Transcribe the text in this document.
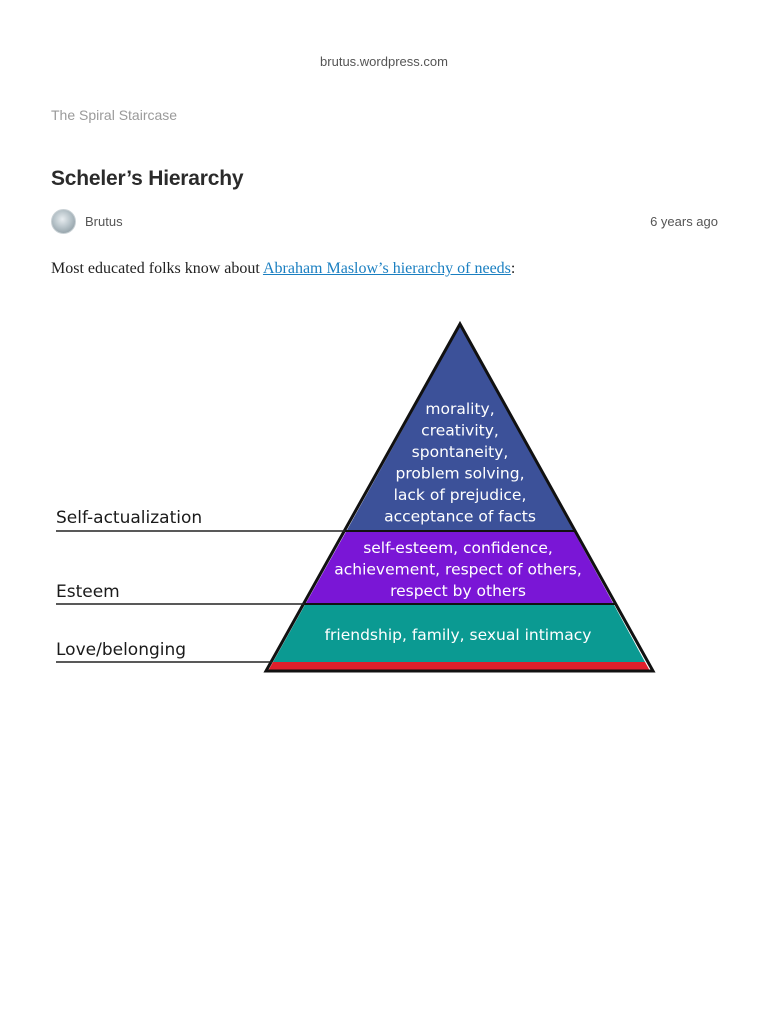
brutus.wordpress.com
The Spiral Staircase
Scheler’s Hierarchy
Brutus	6 years ago

Most educated folks know about Abraham Maslow’s hierarchy of needs:

Self-actualization
Esteem
Love/belonging
morality,
creativity,
spontaneity,
problem solving,
lack of prejudice,
acceptance of facts
self-esteem, confidence,
achievement, respect of others,
respect by others
friendship, family, sexual intimacy
